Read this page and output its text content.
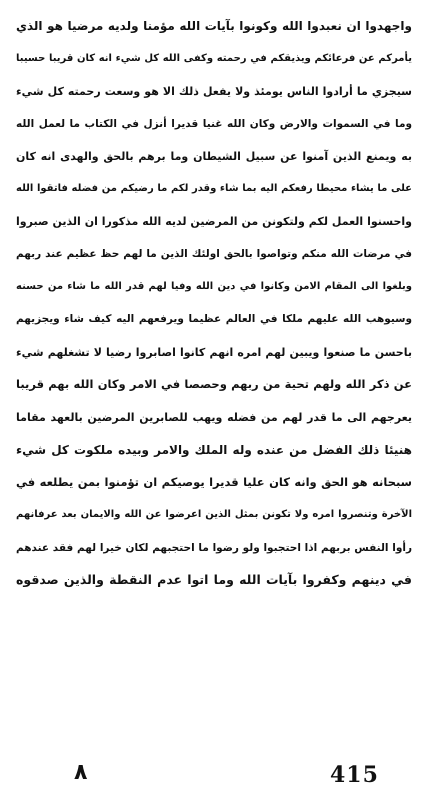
واجهدوا ان نعبدوا الله وكونوا بآيات الله مؤمنا ولديه مرضيا هو الذي
يأمركم عن فرعائكم ويذيقكم في رحمته وكفى الله كل شيء انه كان قريبا حسيبا
سيجزي ما أرادوا الناس يومئذ ولا يفعل ذلك الا هو وسعت رحمته كل شيء
وما في السموات والارض وكان الله غنيا قديرا أنزل في الكتاب ما لعمل الله
به ويمنع الذين آمنوا عن سبيل الشيطان وما برهم بالحق والهدى انه كان
على ما يشاء محيطا رفعكم اليه بما شاء وقدر لكم ما رضيكم من فضله فاتقوا الله
واحسنوا العمل لكم ولتكونن من المرضين لديه الله مذكورا ان الذين صبروا
في مرضات الله منكم وتواصوا بالحق اولئك الذين ما لهم حظ عظيم عند ربهم
وبلغوا الى المقام الامن وكانوا في دين الله وفيا لهم قدر الله ما شاء من حسنه
وسيوهب الله عليهم ملكا في العالم عظيما ويرفعهم اليه كيف شاء ويجزيهم
باحسن ما صنعوا ويبين لهم امره انهم كانوا اصابروا رضيا لا تشغلهم شيء
عن ذكر الله ولهم تحية من ربهم وحصصا في الامر وكان الله بهم قريبا
يعرجهم الى ما قدر لهم من فضله ويهب للصابرين المرضين بالعهد مقاما
هنيئا ذلك الفضل من عنده وله الملك والامر وبيده ملكوت كل شيء
سبحانه هو الحق وانه كان عليا قديرا يوصيكم ان تؤمنوا بمن يطلعه في
الآخرة وتنصروا امره ولا تكونن بمثل الذين اعرضوا عن الله والايمان بعد عرفانهم
رأوا النفس بربهم اذا احتجبوا ولو رضوا ما احتجبهم لكان خيرا لهم فقد عندهم
في دينهم وكفروا بآيات الله وما اتوا عدم النقطة والذين صدقوه
٨	415
